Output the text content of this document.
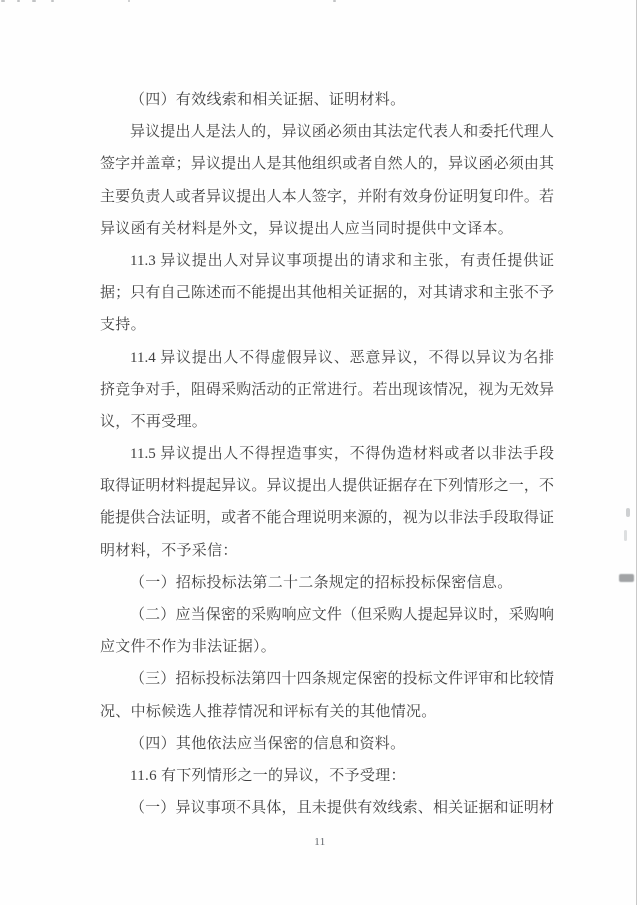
（四）有效线索和相关证据、证明材料。
异议提出人是法人的，异议函必须由其法定代表人和委托代理人
签字并盖章；异议提出人是其他组织或者自然人的，异议函必须由其
主要负责人或者异议提出人本人签字，并附有效身份证明复印件。若
异议函有关材料是外文，异议提出人应当同时提供中文译本。
11.3 异议提出人对异议事项提出的请求和主张，有责任提供证
据；只有自己陈述而不能提出其他相关证据的，对其请求和主张不予
支持。
11.4 异议提出人不得虚假异议、恶意异议，不得以异议为名排
挤竞争对手，阻碍采购活动的正常进行。若出现该情况，视为无效异
议，不再受理。
11.5 异议提出人不得捏造事实，不得伪造材料或者以非法手段
取得证明材料提起异议。异议提出人提供证据存在下列情形之一，不
能提供合法证明，或者不能合理说明来源的，视为以非法手段取得证
明材料，不予采信：
（一）招标投标法第二十二条规定的招标投标保密信息。
（二）应当保密的采购响应文件（但采购人提起异议时，采购响
应文件不作为非法证据）。
（三）招标投标法第四十四条规定保密的投标文件评审和比较情
况、中标候选人推荐情况和评标有关的其他情况。
（四）其他依法应当保密的信息和资料。
11.6 有下列情形之一的异议，不予受理：
（一）异议事项不具体，且未提供有效线索、相关证据和证明材
11
